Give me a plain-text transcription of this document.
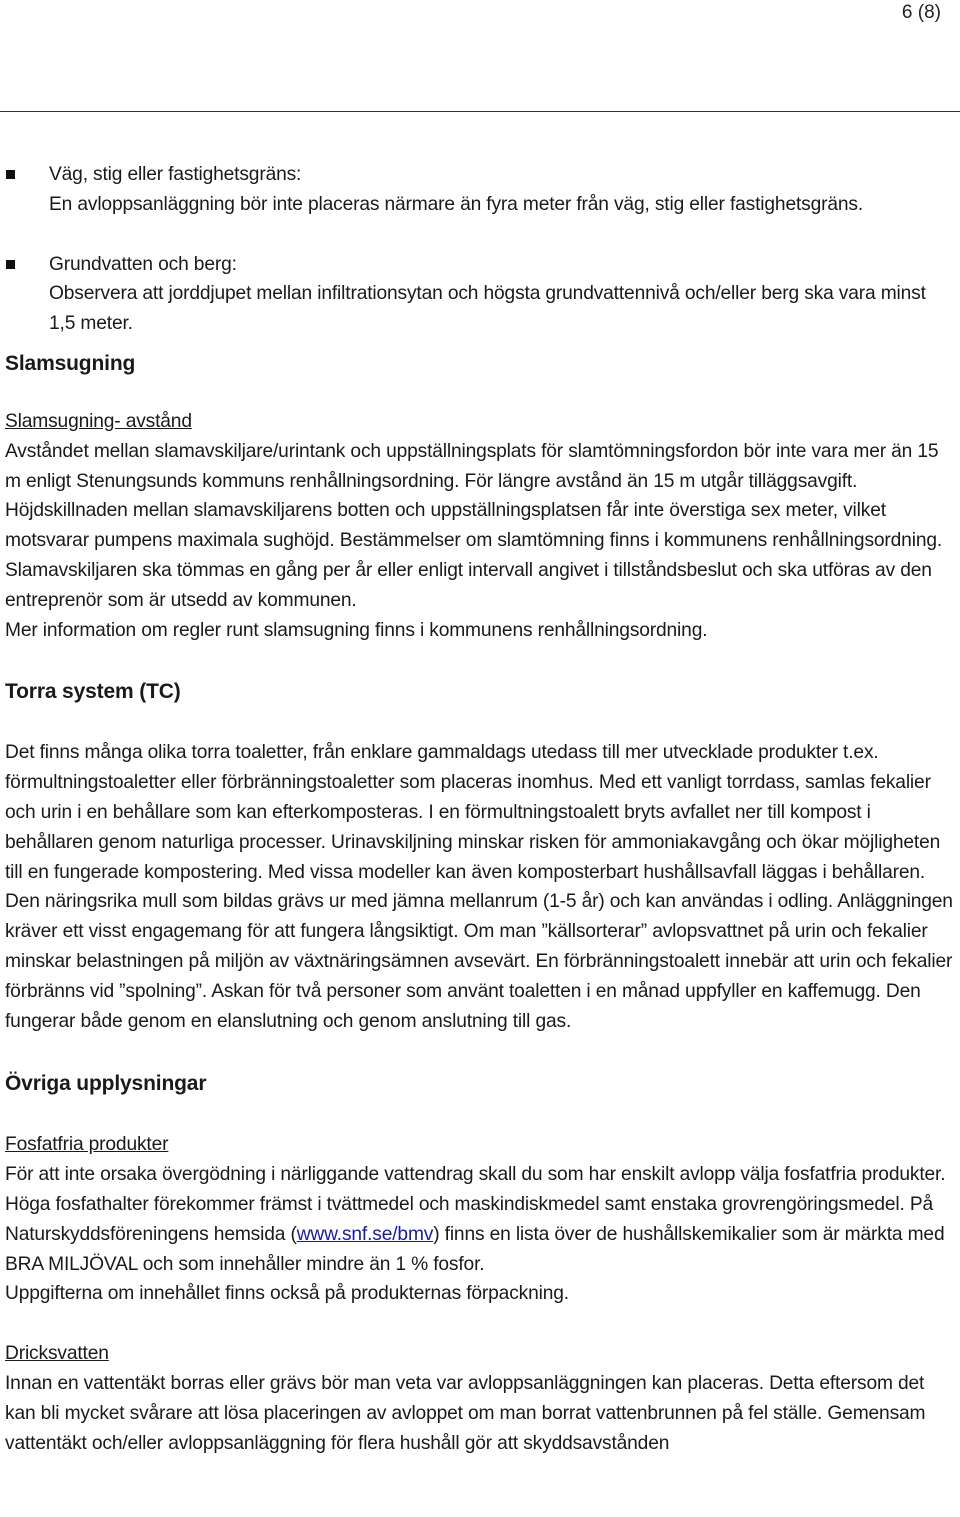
6 (8)
Väg, stig eller fastighetsgräns:
En avloppsanläggning bör inte placeras närmare än fyra meter från väg, stig eller fastighetsgräns.
Grundvatten och berg:
Observera att jorddjupet mellan infiltrationsytan och högsta grundvattennivå och/eller berg ska vara minst 1,5 meter.
Slamsugning
Slamsugning- avstånd

Avståndet mellan slamavskiljare/urintank och uppställningsplats för slamtömningsfordon bör inte vara mer än 15 m enligt Stenungsunds kommuns renhållningsordning. För längre avstånd än 15 m utgår tilläggsavgift. Höjdskillnaden mellan slamavskiljarens botten och uppställningsplatsen får inte överstiga sex meter, vilket motsvarar pumpens maximala sughöjd. Bestämmelser om slamtömning finns i kommunens renhållningsordning. Slamavskiljaren ska tömmas en gång per år eller enligt intervall angivet i tillståndsbeslut och ska utföras av den entreprenör som är utsedd av kommunen.

Mer information om regler runt slamsugning finns i kommunens renhållningsordning.

Torra system (TC)

Det finns många olika torra toaletter, från enklare gammaldags utedass till mer utvecklade produkter t.ex. förmultningstoaletter eller förbränningstoaletter som placeras inomhus. Med ett vanligt torrdass, samlas fekalier och urin i en behållare som kan efterkomposteras. I en förmultningstoalett bryts avfallet ner till kompost i behållaren genom naturliga processer. Urinavskiljning minskar risken för ammoniakavgång och ökar möjligheten till en fungerade kompostering. Med vissa modeller kan även komposterbart hushållsavfall läggas i behållaren. Den näringsrika mull som bildas grävs ur med jämna mellanrum (1-5 år) och kan användas i odling. Anläggningen kräver ett visst engagemang för att fungera långsiktigt. Om man ”källsorterar” avlopsvattnet på urin och fekalier minskar belastningen på miljön av växtnäringsämnen avsevärt. En förbränningstoalett innebär att urin och fekalier förbränns vid ”spolning”. Askan för två personer som använt toaletten i en månad uppfyller en kaffemugg. Den fungerar både genom en elanslutning och genom anslutning till gas.

Övriga upplysningar
Fosfatfria produkter

För att inte orsaka övergödning i närliggande vattendrag skall du som har enskilt avlopp välja fosfatfria produkter. Höga fosfathalter förekommer främst i tvättmedel och maskindiskmedel samt enstaka grovrengöringsmedel. På Naturskyddsföreningens hemsida (www.snf.se/bmv) finns en lista över de hushållskemikalier som är märkta med BRA MILJÖVAL och som innehåller mindre än 1 % fosfor.

Uppgifterna om innehållet finns också på produkternas förpackning.

Dricksvatten

Innan en vattentäkt borras eller grävs bör man veta var avloppsanläggningen kan placeras. Detta eftersom det kan bli mycket svårare att lösa placeringen av avloppet om man borrat vattenbrunnen på fel ställe. Gemensam vattentäkt och/eller avloppsanläggning för flera hushåll gör att skyddsavstånden
